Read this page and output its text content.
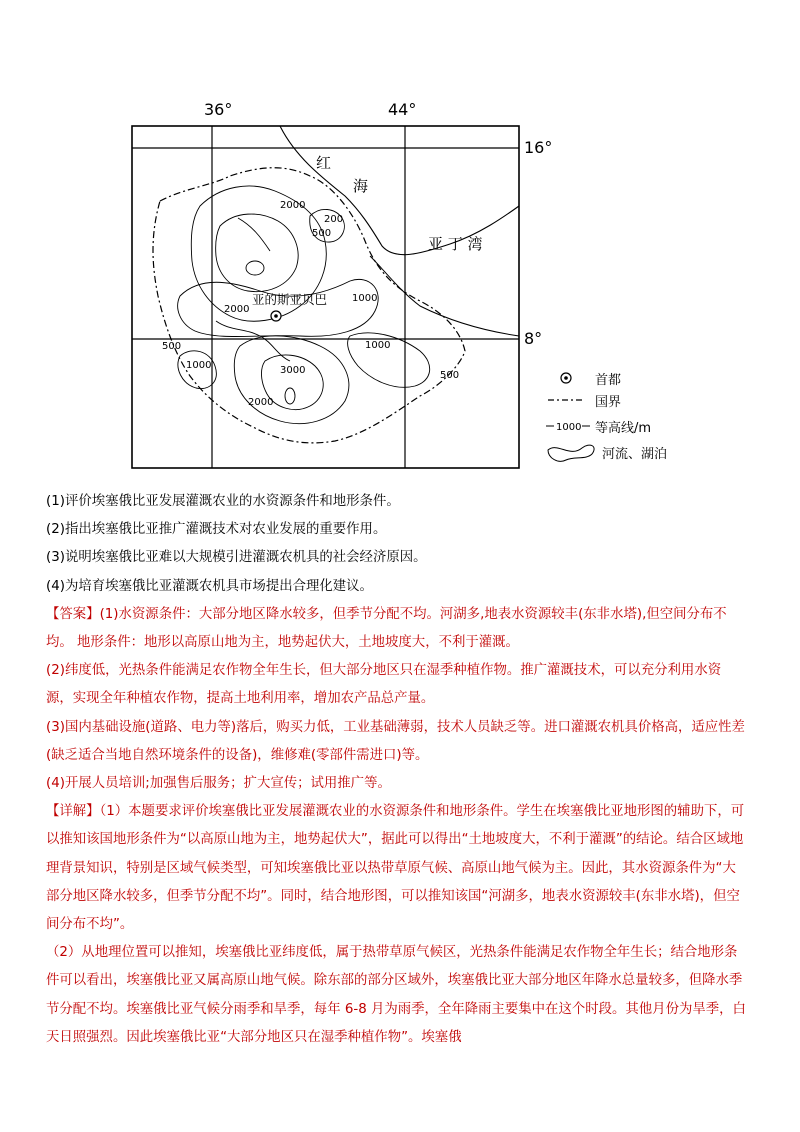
红
海
亚 丁 湾
亚的斯亚贝巴
2000
200
500
1000
2000
500
1000	3000
2000
1000
500	首都
国界
1000 等高线/m
河流、湖泊
36°	44°
16°
8°

(1)评价埃塞俄比亚发展灌溉农业的水资源条件和地形条件。

(2)指出埃塞俄比亚推广灌溉技术对农业发展的重要作用。

(3)说明埃塞俄比亚难以大规模引进灌溉农机具的社会经济原因。

(4)为培育埃塞俄比亚灌溉农机具市场提出合理化建议。

【答案】(1)水资源条件：大部分地区降水较多，但季节分配不均。河湖多,地表水资源较丰(东非水塔),但空间分布不均。 地形条件：地形以高原山地为主，地势起伏大，土地坡度大，不利于灌溉。

(2)纬度低，光热条件能满足农作物全年生长，但大部分地区只在湿季种植作物。推广灌溉技术，可以充分利用水资源，实现全年种植农作物，提高土地利用率，增加农产品总产量。

(3)国内基础设施(道路、电力等)落后，购买力低，工业基础薄弱，技术人员缺乏等。进口灌溉农机具价格高，适应性差(缺乏适合当地自然环境条件的设备)，维修难(零部件需进口)等。

(4)开展人员培训;加强售后服务；扩大宣传；试用推广等。

【详解】（1）本题要求评价埃塞俄比亚发展灌溉农业的水资源条件和地形条件。学生在埃塞俄比亚地形图的辅助下，可以推知该国地形条件为“以高原山地为主，地势起伏大”，据此可以得出“土地坡度大，不利于灌溉”的结论。结合区域地理背景知识，特别是区域气候类型，可知埃塞俄比亚以热带草原气候、高原山地气候为主。因此，其水资源条件为“大部分地区降水较多，但季节分配不均”。同时，结合地形图，可以推知该国“河湖多，地表水资源较丰(东非水塔)，但空间分布不均”。

（2）从地理位置可以推知，埃塞俄比亚纬度低，属于热带草原气候区，光热条件能满足农作物全年生长；结合地形条件可以看出，埃塞俄比亚又属高原山地气候。除东部的部分区域外，埃塞俄比亚大部分地区年降水总量较多，但降水季节分配不均。埃塞俄比亚气候分雨季和旱季，每年 6-8 月为雨季，全年降雨主要集中在这个时段。其他月份为旱季，白天日照强烈。因此埃塞俄比亚“大部分地区只在湿季种植作物”。埃塞俄
